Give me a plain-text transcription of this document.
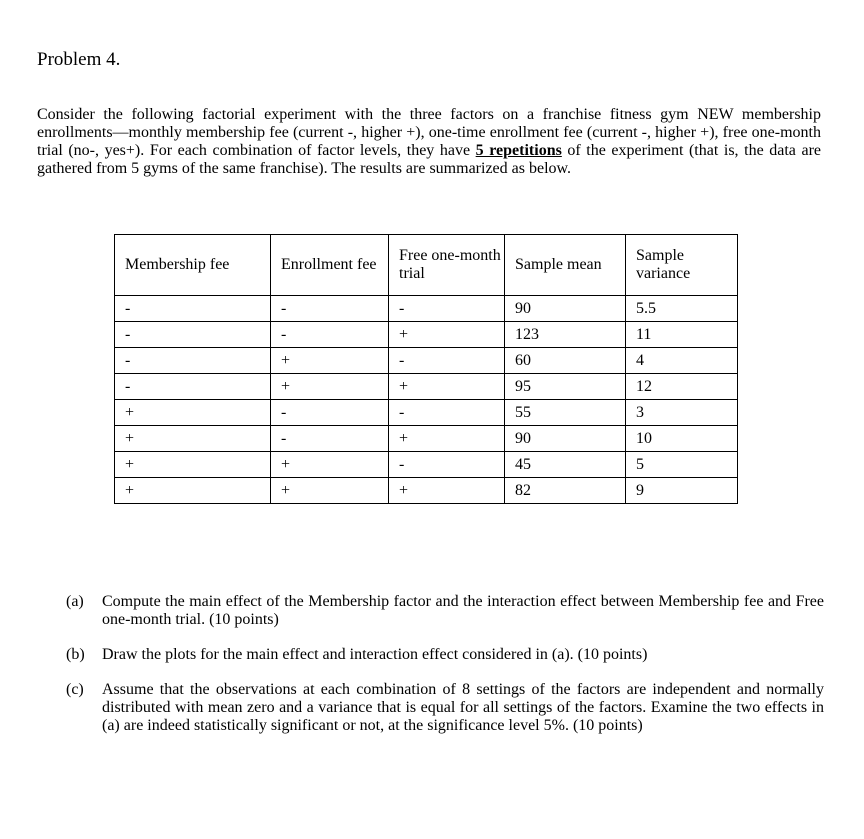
Problem 4.
Consider the following factorial experiment with the three factors on a franchise fitness gym NEW membership enrollments—monthly membership fee (current -, higher +), one-time enrollment fee (current -, higher +), free one-month trial (no-, yes+). For each combination of factor levels, they have 5 repetitions of the experiment (that is, the data are gathered from 5 gyms of the same franchise). The results are summarized as below.
Membership fee	Enrollment fee	Free one-month trial	Sample mean	Sample variance
-	-	-	90	5.5
-	-	+	123	11
-	+	-	60	4
-	+	+	95	12
+	-	-	55	3
+	-	+	90	10
+	+	-	45	5
+	+	+	82	9
(a)	Compute the main effect of the Membership factor and the interaction effect between Membership fee and Free one-month trial. (10 points)
(b)	Draw the plots for the main effect and interaction effect considered in (a). (10 points)
(c)	Assume that the observations at each combination of 8 settings of the factors are independent and normally distributed with mean zero and a variance that is equal for all settings of the factors. Examine the two effects in (a) are indeed statistically significant or not, at the significance level 5%. (10 points)
